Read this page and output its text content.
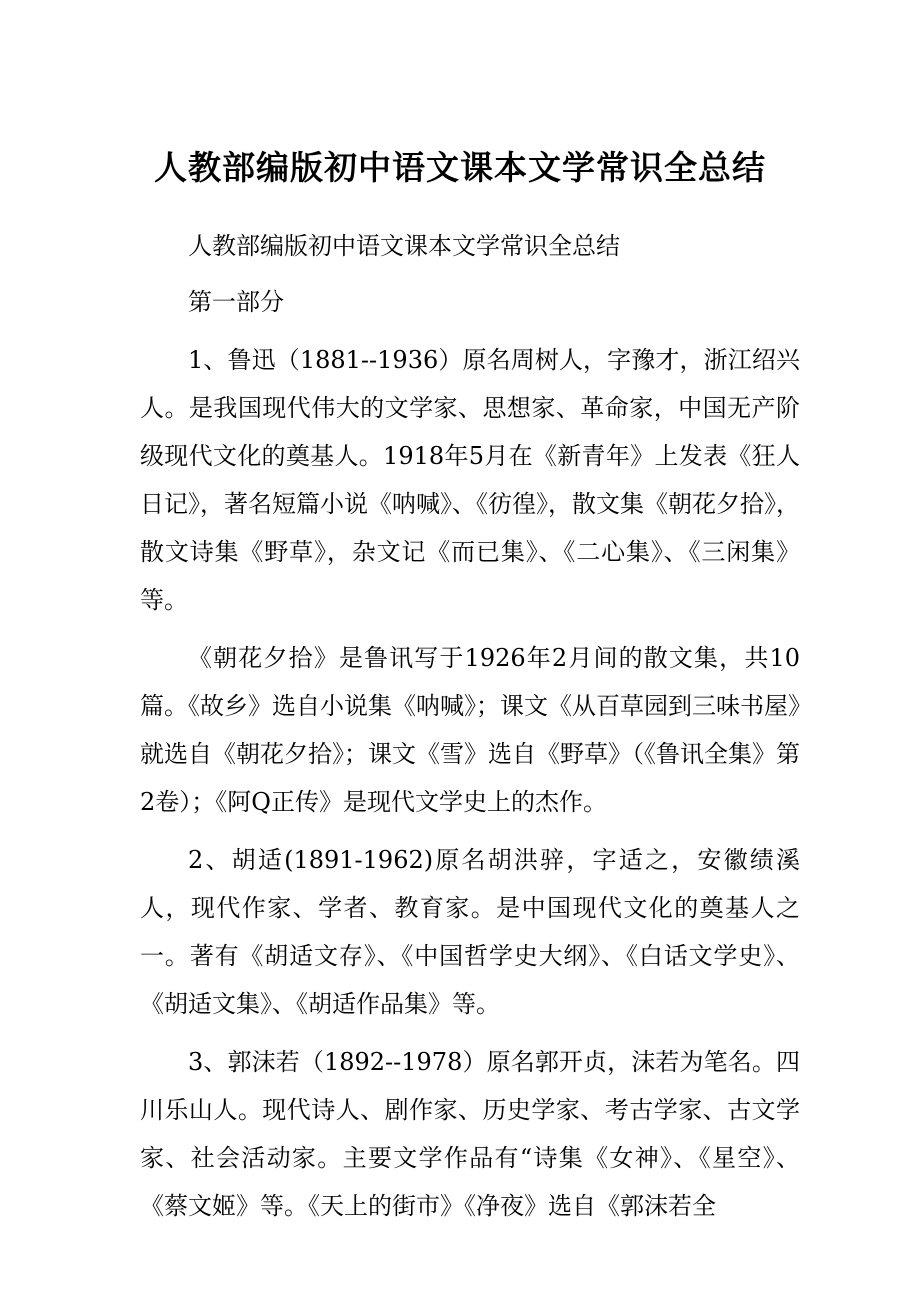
人教部编版初中语文课本文学常识全总结

人教部编版初中语文课本文学常识全总结

第一部分

1、鲁迅（1881--1936）原名周树人，字豫才，浙江绍兴人。是我国现代伟大的文学家、思想家、革命家，中国无产阶级现代文化的奠基人。1918年5月在《新青年》上发表《狂人日记》，著名短篇小说《呐喊》、《彷徨》，散文集《朝花夕拾》，散文诗集《野草》，杂文记《而已集》、《二心集》、《三闲集》等。

《朝花夕拾》是鲁讯写于1926年2月间的散文集，共10篇。《故乡》选自小说集《呐喊》；课文《从百草园到三味书屋》就选自《朝花夕拾》；课文《雪》选自《野草》（《鲁讯全集》第2卷）；《阿Q正传》是现代文学史上的杰作。

2、胡适(1891-1962)原名胡洪骍，字适之，安徽绩溪人，现代作家、学者、教育家。是中国现代文化的奠基人之一。著有《胡适文存》、《中国哲学史大纲》、《白话文学史》、《胡适文集》、《胡适作品集》等。

3、郭沫若（1892--1978）原名郭开贞，沫若为笔名。四川乐山人。现代诗人、剧作家、历史学家、考古学家、古文学家、社会活动家。主要文学作品有“诗集《女神》、《星空》、《蔡文姬》等。《天上的街市》《净夜》选自《郭沫若全
